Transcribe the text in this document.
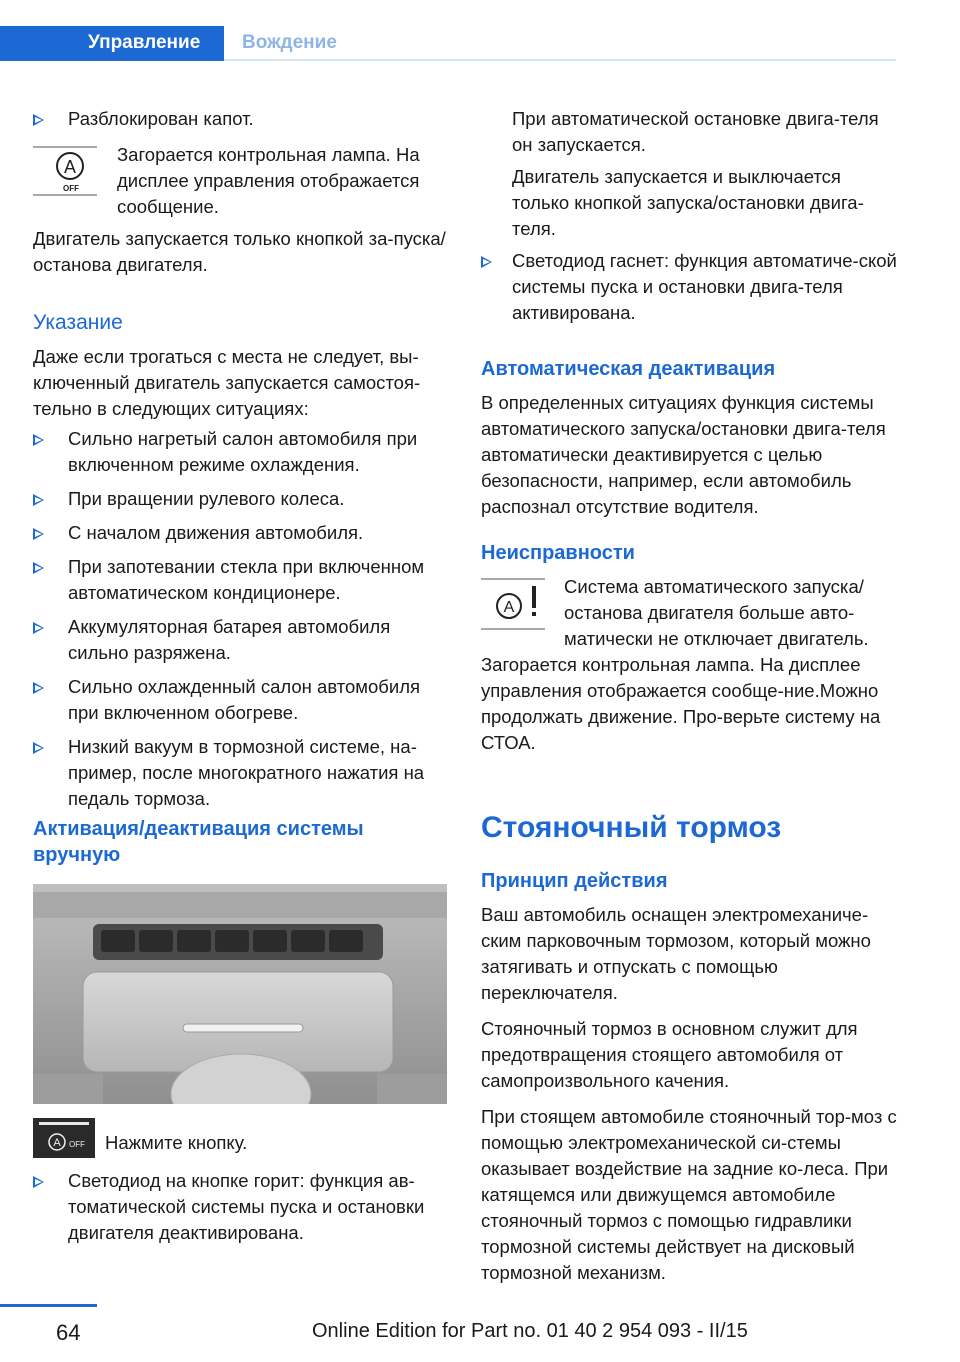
Управление Вождение

Разблокирован капот.

A
OFF

Загорается контрольная лампа. На дисплее управления отображается сообщение.

Двигатель запускается только кнопкой за-пуска/останова двигателя.

Указание

Даже если трогаться с места не следует, вы-ключенный двигатель запускается самостоя-тельно в следующих ситуациях:

Сильно нагретый салон автомобиля при включенном режиме охлаждения.

При вращении рулевого колеса.

С началом движения автомобиля.

При запотевании стекла при включенном автоматическом кондиционере.

Аккумуляторная батарея автомобиля сильно разряжена.

Сильно охлажденный салон автомобиля при включенном обогреве.

Низкий вакуум в тормозной системе, на-пример, после многократного нажатия на педаль тормоза.

Активация/деактивация системы вручную

A OFF Нажмите кнопку.

Светодиод на кнопке горит: функция ав-томатической системы пуска и остановки двигателя деактивирована.

При автоматической остановке двига-теля он запускается.

Двигатель запускается и выключается только кнопкой запуска/остановки двига-теля.

Светодиод гаснет: функция автоматиче-ской системы пуска и остановки двига-теля активирована.

Автоматическая деактивация

В определенных ситуациях функция системы автоматического запуска/остановки двига-теля автоматически деактивируется с целью безопасности, например, если автомобиль распознал отсутствие водителя.

Неисправности

A

Система автоматического запуска/ останова двигателя больше авто-матически не отключает двигатель.

Загорается контрольная лампа. На дисплее управления отображается сообще-ние.Можно продолжать движение. Про-верьте систему на СТОА.

Стояночный тормоз

Принцип действия

Ваш автомобиль оснащен электромеханиче-ским парковочным тормозом, который можно затягивать и отпускать с помощью переключателя.

Стояночный тормоз в основном служит для предотвращения стоящего автомобиля от самопроизвольного качения.

При стоящем автомобиле стояночный тор-моз с помощью электромеханической си-стемы оказывает воздействие на задние ко-леса. При катящемся или движущемся автомобиле стояночный тормоз с помощью гидравлики тормозной системы действует на дисковый тормозной механизм.

64	Online Edition for Part no. 01 40 2 954 093 - II/15
